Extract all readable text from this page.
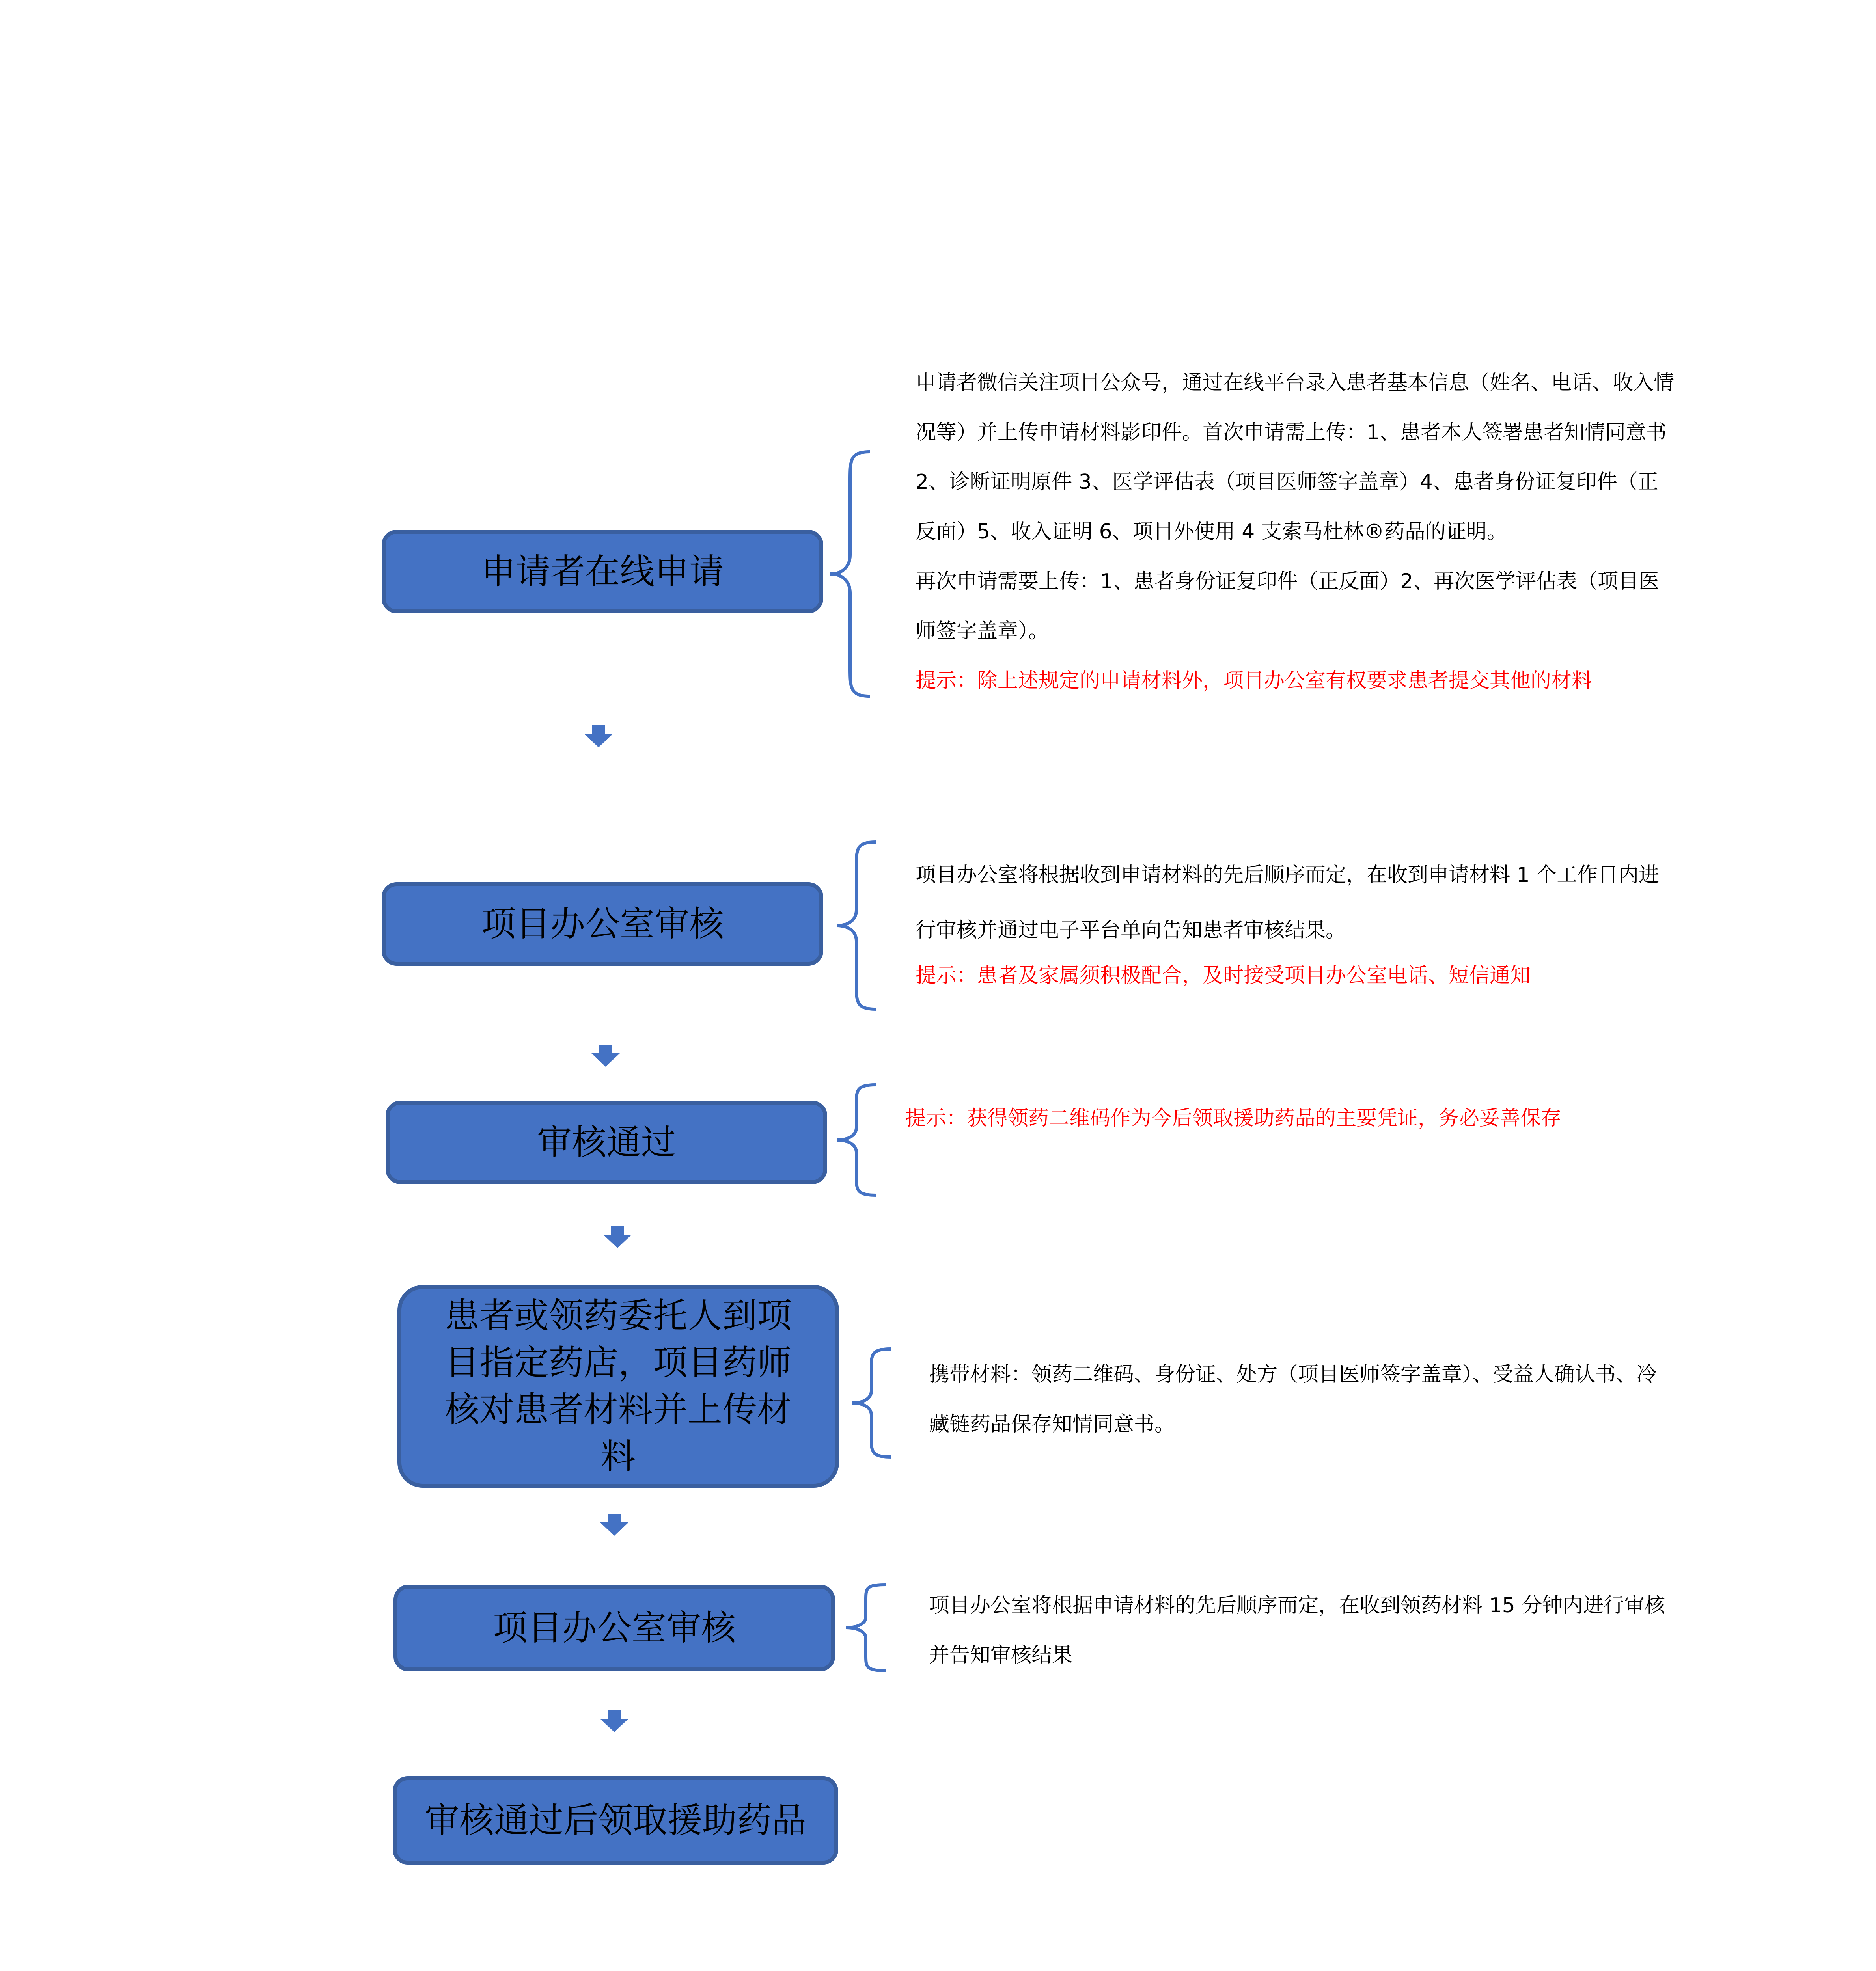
申请者在线申请

申请者微信关注项目公众号，通过在线平台录入患者基本信息（姓名、电话、收入情况等）并上传申请材料影印件。首次申请需上传：1、患者本人签署患者知情同意书 2、诊断证明原件 3、医学评估表（项目医师签字盖章）4、患者身份证复印件（正反面）5、收入证明 6、项目外使用 4 支索马杜林®药品的证明。

再次申请需要上传：1、患者身份证复印件（正反面）2、再次医学评估表（项目医师签字盖章）。

提示：除上述规定的申请材料外，项目办公室有权要求患者提交其他的材料

项目办公室审核

项目办公室将根据收到申请材料的先后顺序而定，在收到申请材料 1 个工作日内进行审核并通过电子平台单向告知患者审核结果。

提示：患者及家属须积极配合，及时接受项目办公室电话、短信通知

审核通过

提示：获得领药二维码作为今后领取援助药品的主要凭证，务必妥善保存

患者或领药委托人到项目指定药店，项目药师核对患者材料并上传材料

携带材料：领药二维码、身份证、处方（项目医师签字盖章）、受益人确认书、冷藏链药品保存知情同意书。

项目办公室审核

项目办公室将根据申请材料的先后顺序而定，在收到领药材料 15 分钟内进行审核并告知审核结果

审核通过后领取援助药品
